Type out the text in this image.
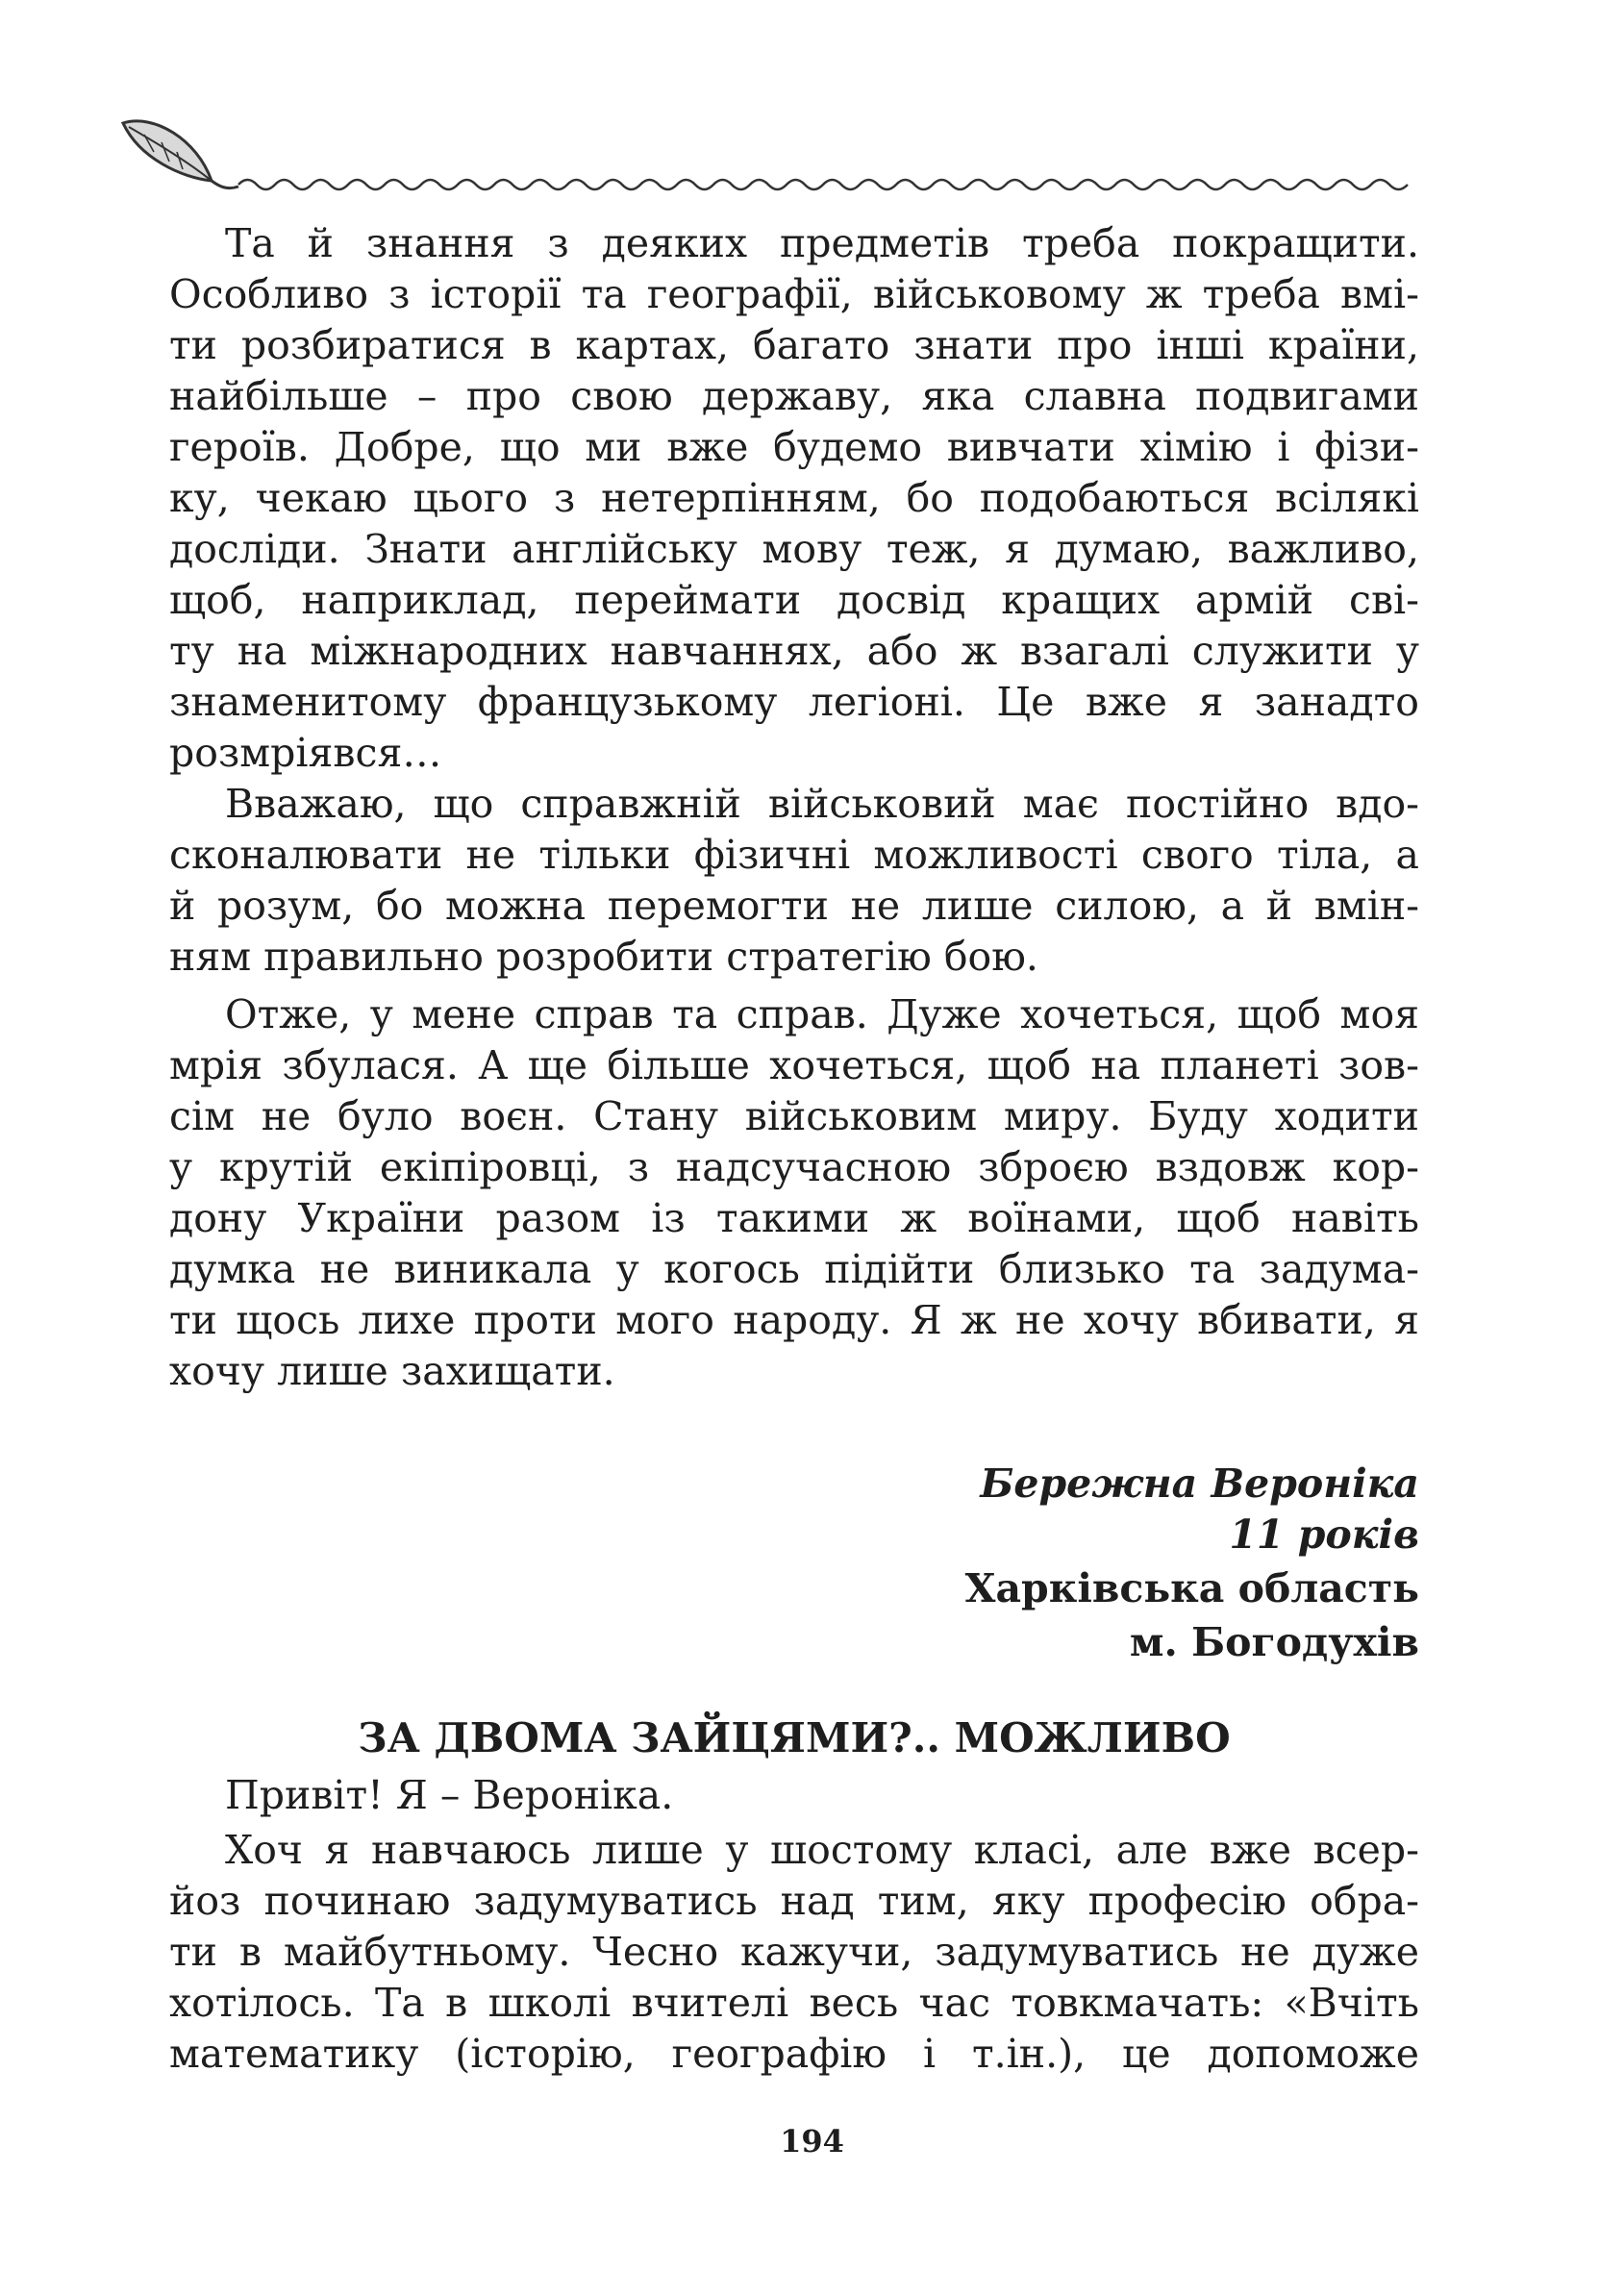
Та й знання з деяких предметів треба покращити.

Особливо з історії та географії, військовому ж треба вмі-

ти розбиратися в картах, багато знати про інші країни,

найбільше – про свою державу, яка славна подвигами

героїв. Добре, що ми вже будемо вивчати хімію і фізи-

ку, чекаю цього з нетерпінням, бо подобаються всілякі

досліди. Знати англійську мову теж, я думаю, важливо,

щоб, наприклад, переймати досвід кращих армій сві-

ту на міжнародних навчаннях, або ж взагалі служити у

знаменитому французькому легіоні. Це вже я занадто

розмріявся…

Вважаю, що справжній військовий має постійно вдо-

сконалювати не тільки фізичні можливості свого тіла, а

й розум, бо можна перемогти не лише силою, а й вмін-

ням правильно розробити стратегію бою.

Отже, у мене справ та справ. Дуже хочеться, щоб моя

мрія збулася. А ще більше хочеться, щоб на планеті зов-

сім не було воєн. Стану військовим миру. Буду ходити

у крутій екіпіровці, з надсучасною зброєю вздовж кор-

дону України разом із такими ж воїнами, щоб навіть

думка не виникала у когось підійти близько та задума-

ти щось лихе проти мого народу. Я ж не хочу вбивати, я

хочу лише захищати.

Бережна Вероніка

11 років

Харківська область

м. Богодухів

ЗА ДВОМА ЗАЙЦЯМИ?.. МОЖЛИВО

Привіт! Я – Вероніка.

Хоч я навчаюсь лише у шостому класі, але вже всер-

йоз починаю задумуватись над тим, яку професію обра-

ти в майбутньому. Чесно кажучи, задумуватись не дуже

хотілось. Та в школі вчителі весь час товкмачать: «Вчіть

математику (історію, географію і т.ін.), це допоможе

194
